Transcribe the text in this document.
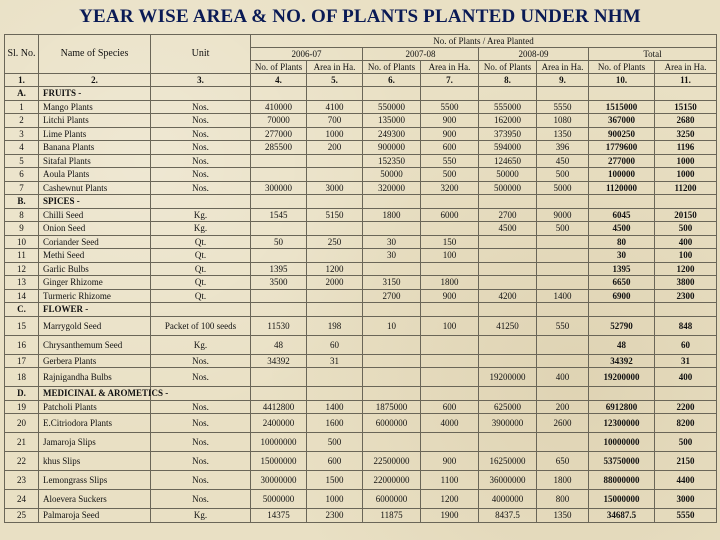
YEAR WISE AREA & NO. OF PLANTS PLANTED UNDER NHM
Sl. No.	Name of Species	Unit	No. of Plants / Area Planted							
			2006-07		2007-08		2008-09		Total	
			No. of Plants	Area in Ha.	No. of Plants	Area in Ha.	No. of Plants	Area in Ha.	No. of Plants	Area in Ha.
1.	2.	3.	4.	5.	6.	7.	8.	9.	10.	11.
A.	FRUITS -									
1	Mango Plants	Nos.	410000	4100	550000	5500	555000	5550	1515000	15150
2	Litchi Plants	Nos.	70000	700	135000	900	162000	1080	367000	2680
3	Lime Plants	Nos.	277000	1000	249300	900	373950	1350	900250	3250
4	Banana Plants	Nos.	285500	200	900000	600	594000	396	1779600	1196
5	Sitafal Plants	Nos.			152350	550	124650	450	277000	1000
6	Aoula Plants	Nos.			50000	500	50000	500	100000	1000
7	Cashewnut Plants	Nos.	300000	3000	320000	3200	500000	5000	1120000	11200
B.	SPICES -									
8	Chilli Seed	Kg.	1545	5150	1800	6000	2700	9000	6045	20150
9	Onion Seed	Kg.					4500	500	4500	500
10	Coriander Seed	Qt.	50	250	30	150			80	400
11	Methi Seed	Qt.			30	100			30	100
12	Garlic Bulbs	Qt.	1395	1200					1395	1200
13	Ginger Rhizome	Qt.	3500	2000	3150	1800			6650	3800
14	Turmeric Rhizome	Qt.			2700	900	4200	1400	6900	2300
C.	FLOWER -									
15	Marrygold Seed	Packet of 100 seeds	11530	198	10	100	41250	550	52790	848
16	Chrysanthemum Seed	Kg.	48	60					48	60
17	Gerbera Plants	Nos.	34392	31					34392	31
18	Rajnigandha Bulbs	Nos.					19200000	400	19200000	400
D.	MEDICINAL & AROMETICS -									
19	Patcholi Plants	Nos.	4412800	1400	1875000	600	625000	200	6912800	2200
20	E.Citriodora Plants	Nos.	2400000	1600	6000000	4000	3900000	2600	12300000	8200
21	Jamaroja Slips	Nos.	10000000	500					10000000	500
22	khus Slips	Nos.	15000000	600	22500000	900	16250000	650	53750000	2150
23	Lemongrass Slips	Nos.	30000000	1500	22000000	1100	36000000	1800	88000000	4400
24	Aloevera Suckers	Nos.	5000000	1000	6000000	1200	4000000	800	15000000	3000
25	Palmaroja Seed	Kg.	14375	2300	11875	1900	8437.5	1350	34687.5	5550
